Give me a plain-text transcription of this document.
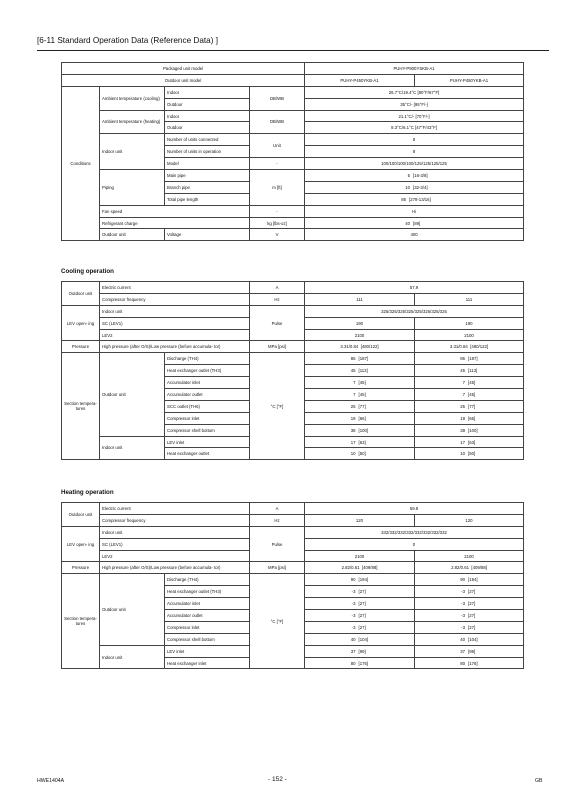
[6-11 Standard Operation Data (Reference Data) ]
Packaged unit model				PUHY-P900YSKB-A1	
Outdoor unit model				PUHY-P450YKB-A1	PUHY-P450YKB-A1
Conditions	Ambient temperature (cooling)	Indoor	DB/WB	26.7°C/19.4°C [80°F/67°F]	
		Outdoor		35°C/- [95°F/-]	
	Ambient temperature (heating)	Indoor	DB/WB	21.1°C/- [70°F/-]	
		Outdoor		8.3°C/6.1°C [47°F/43°F]	
	Indoor unit	Number of units connected	Unit	8	
		Number of units in operation		8	
		Model	-	100/100/100/100/125/125/125/125	
	Piping	Main pipe	m [ft]	5 [16-3/8]	
		Branch pipe		10 [32-3/4]	
		Total pipe length		85 [278-13/16]	
	Fan speed		-	Hi	
	Refrigerant charge		kg [lbs-oz]	40 [89]	
	Outdoor unit	Voltage	V	400	
Cooling operation
Outdoor unit	Electric current		A	57.9	
	Compressor frequency		Hz	111	111
LEV open- ing	Indoor unit		Pulse	325/325/325/325/325/325/325/325	
	SC (LEV1)			190	190
	LEV2			2100	2100
Pressure	High pressure (after O/S)/Low pressure (before accumula- tor)		MPa [psi]	3.31/0.84 [480/122]	3.31/0.84 [480/122]
Section tempera- tures	Outdoor unit	Discharge (TH4)	°C [°F]	86 [187]	86 [187]
		Heat exchanger outlet (TH3)		45 [113]	45 [113]
		Accumulator inlet		7 [45]	7 [45]
		Accumulator outlet		7 [45]	7 [45]
		SCC outlet (TH6)		25 [77]	25 [77]
		Compressor inlet		19 [66]	19 [66]
		Compressor shell bottom		38 [100]	38 [100]
	Indoor unit	LEV inlet		17 [63]	17 [63]
		Heat exchanger outlet		10 [50]	10 [50]
Heating operation
Outdoor unit	Electric current		A	59.8	
	Compressor frequency		Hz	120	120
LEV open- ing	Indoor unit		Pulse	332/332/332/332/332/332/332/332	
	SC (LEV1)			0	
	LEV2			2100	2100
Pressure	High pressure (after O/S)/Low pressure (before accumula- tor)		MPa [psi]	2.82/0.61 [409/88]	2.82/0.61 [409/88]
Section tempera- tures	Outdoor unit	Discharge (TH4)	°C [°F]	90 [194]	90 [194]
		Heat exchanger outlet (TH3)		-3 [27]	-3 [27]
		Accumulator inlet		-3 [27]	-3 [27]
		Accumulator outlet		-3 [27]	-3 [27]
		Compressor inlet		-3 [27]	-3 [27]
		Compressor shell bottom		40 [104]	40 [104]
	Indoor unit	LEV inlet		37 [99]	37 [99]
		Heat exchanger inlet		80 [176]	80 [176]
HWE1404A	- 152 -	GB
